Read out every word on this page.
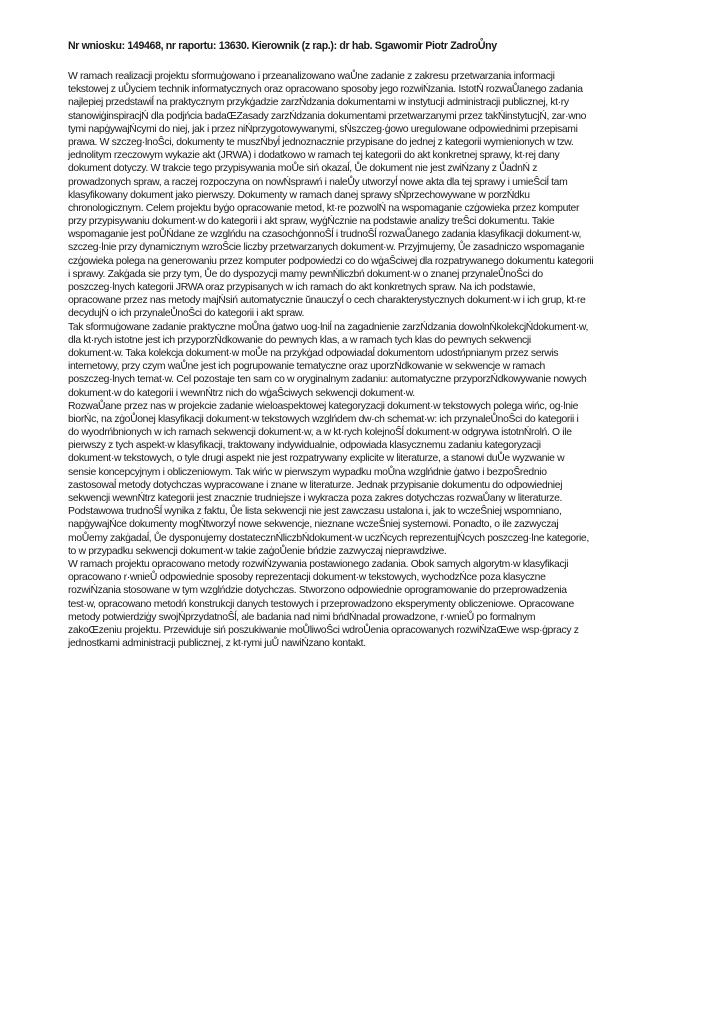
Nr wniosku: 149468, nr raportu: 13630. Kierownik (z rap.): dr hab. Sgawomir Piotr ZadroŮny
W ramach realizacji projektu sformuġowano i przeanalizowano waŮne zadanie z zakresu przetwarzania informacji
tekstowej z uŮyciem technik informatycznych oraz opracowano sposoby jego rozwiŃzania. IstotŃ rozwaŮanego zadania
najlepiej przedstawiĺ na praktycznym przykġadzie zarzŃdzania dokumentami w instytucji administracji publicznej, kt·ry
stanowiġinspiracjŃ dla podjńcia badaŒZasady zarzŃdzania dokumentami przetwarzanymi przez takŃinstytucjŃ, zar·wno
tymi napġywajŃcymi do niej, jak i przez niŃprzygotowywanymi, sŃszczeg·ġowo uregulowane odpowiednimi przepisami
prawa. W szczeg·lnoŜci, dokumenty te muszŃbyĺ jednoznacznie przypisane do jednej z kategorii wymienionych w tzw.
jednolitym rzeczowym wykazie akt (JRWA) i dodatkowo w ramach tej kategorii do akt konkretnej sprawy, kt·rej dany
dokument dotyczy. W trakcie tego przypisywania moŮe siń okazaĺ, Ůe dokument nie jest zwiŃzany z ŮadnŃ z
prowadzonych spraw, a raczej rozpoczyna on nowŃsprawń i naleŮy utworzyĺ nowe akta dla tej sprawy i umieŜciĺ tam
klasyfikowany dokument jako pierwszy. Dokumenty w ramach danej sprawy sŃprzechowywane w porzŃdku
chronologicznym. Celem projektu byġo opracowanie metod, kt·re pozwolŃ na wspomaganie czġowieka przez komputer
przy przypisywaniu dokument·w do kategorii i akt spraw, wyġŃcznie na podstawie analizy treŜci dokumentu. Takie
wspomaganie jest poŮŃdane ze wzglńdu na czasochġonnoŜĺ i trudnoŜĺ rozwaŮanego zadania klasyfikacji dokument·w,
szczeg·lnie przy dynamicznym wzroŜcie liczby przetwarzanych dokument·w. Przyjmujemy, Ůe zasadniczo wspomaganie
czġowieka polega na generowaniu przez komputer podpowiedzi co do wġaŜciwej dla rozpatrywanego dokumentu kategorii
i sprawy. Zakġada sie przy tym, Ůe do dyspozycji mamy pewnŃliczbń dokument·w o znanej przynaleŮnoŜci do
poszczeg·lnych kategorii JRWA oraz przypisanych w ich ramach do akt konkretnych spraw. Na ich podstawie,
opracowane przez nas metody majŃsiń automatycznie ŭnauczyĺ o cech charakterystycznych dokument·w i ich grup, kt·re
decydujŃ o ich przynaleŮnoŜci do kategorii i akt spraw.
Tak sformuġowane zadanie praktyczne moŮna ġatwo uog·lniĺ na zagadnienie zarzŃdzania dowolnŃkolekcjŃdokument·w,
dla kt·rych istotne jest ich przyporzŃdkowanie do pewnych klas, a w ramach tych klas do pewnych sekwencji
dokument·w. Taka kolekcja dokument·w moŮe na przykġad odpowiadaĺ dokumentom udostńpnianym przez serwis
internetowy, przy czym waŮne jest ich pogrupowanie tematyczne oraz uporzŃdkowanie w sekwencje w ramach
poszczeg·lnych temat·w. Cel pozostaje ten sam co w oryginalnym zadaniu: automatyczne przyporzŃdkowywanie nowych
dokument·w do kategorii i wewnŃtrz nich do wġaŜciwych sekwencji dokument·w.
RozwaŮane przez nas w projekcie zadanie wieloaspektowej kategoryzacji dokument·w tekstowych polega wińc, og·lnie
biorŃc, na zġoŮonej klasyfikacji dokument·w tekstowych wzglńdem dw·ch schemat·w: ich przynaleŮnoŜci do kategorii i
do wyodrńbnionych w ich ramach sekwencji dokument·w, a w kt·rych kolejnoŜĺ dokument·w odgrywa istotnŃrolń. O ile
pierwszy z tych aspekt·w klasyfikacji, traktowany indywidualnie, odpowiada klasycznemu zadaniu kategoryzacji
dokument·w tekstowych, o tyle drugi aspekt nie jest rozpatrywany explicite w literaturze, a stanowi duŮe wyzwanie w
sensie koncepcyjnym i obliczeniowym. Tak wińc w pierwszym wypadku moŮna wzglńdnie ġatwo i bezpoŜrednio
zastosowaĺ metody dotychczas wypracowane i znane w literaturze. Jednak przypisanie dokumentu do odpowiedniej
sekwencji wewnŃtrz kategorii jest znacznie trudniejsze i wykracza poza zakres dotychczas rozwaŮany w literaturze.
Podstawowa trudnoŜĺ wynika z faktu, Ůe lista sekwencji nie jest zawczasu ustalona i, jak to wczeŜniej wspomniano,
napġywajŃce dokumenty mogŃtworzyĺ nowe sekwencje, nieznane wczeŜniej systemowi. Ponadto, o ile zazwyczaj
moŮemy zakġadaĺ, Ůe dysponujemy dostatecznŃliczbŃdokument·w uczŃcych reprezentujŃcych poszczeg·lne kategorie,
to w przypadku sekwencji dokument·w takie zaġoŮenie bńdzie zazwyczaj nieprawdziwe.
W ramach projektu opracowano metody rozwiŃzywania postawionego zadania. Obok samych algorytm·w klasyfikacji
opracowano r·wnieŮ odpowiednie sposoby reprezentacji dokument·w tekstowych, wychodzŃce poza klasyczne
rozwiŃzania stosowane w tym wzglńdzie dotychczas. Stworzono odpowiednie oprogramowanie do przeprowadzenia
test·w, opracowano metodń konstrukcji danych testowych i przeprowadzono eksperymenty obliczeniowe. Opracowane
metody potwierdziġy swojŃprzydatnoŜĺ, ale badania nad nimi bńdŃnadal prowadzone, r·wnieŮ po formalnym
zakoŒzeniu projektu. Przewiduje siń poszukiwanie moŮliwoŜci wdroŮenia opracowanych rozwiŃzaŒwe wsp·ġpracy z
jednostkami administracji publicznej, z kt·rymi juŮ nawiŃzano kontakt.
